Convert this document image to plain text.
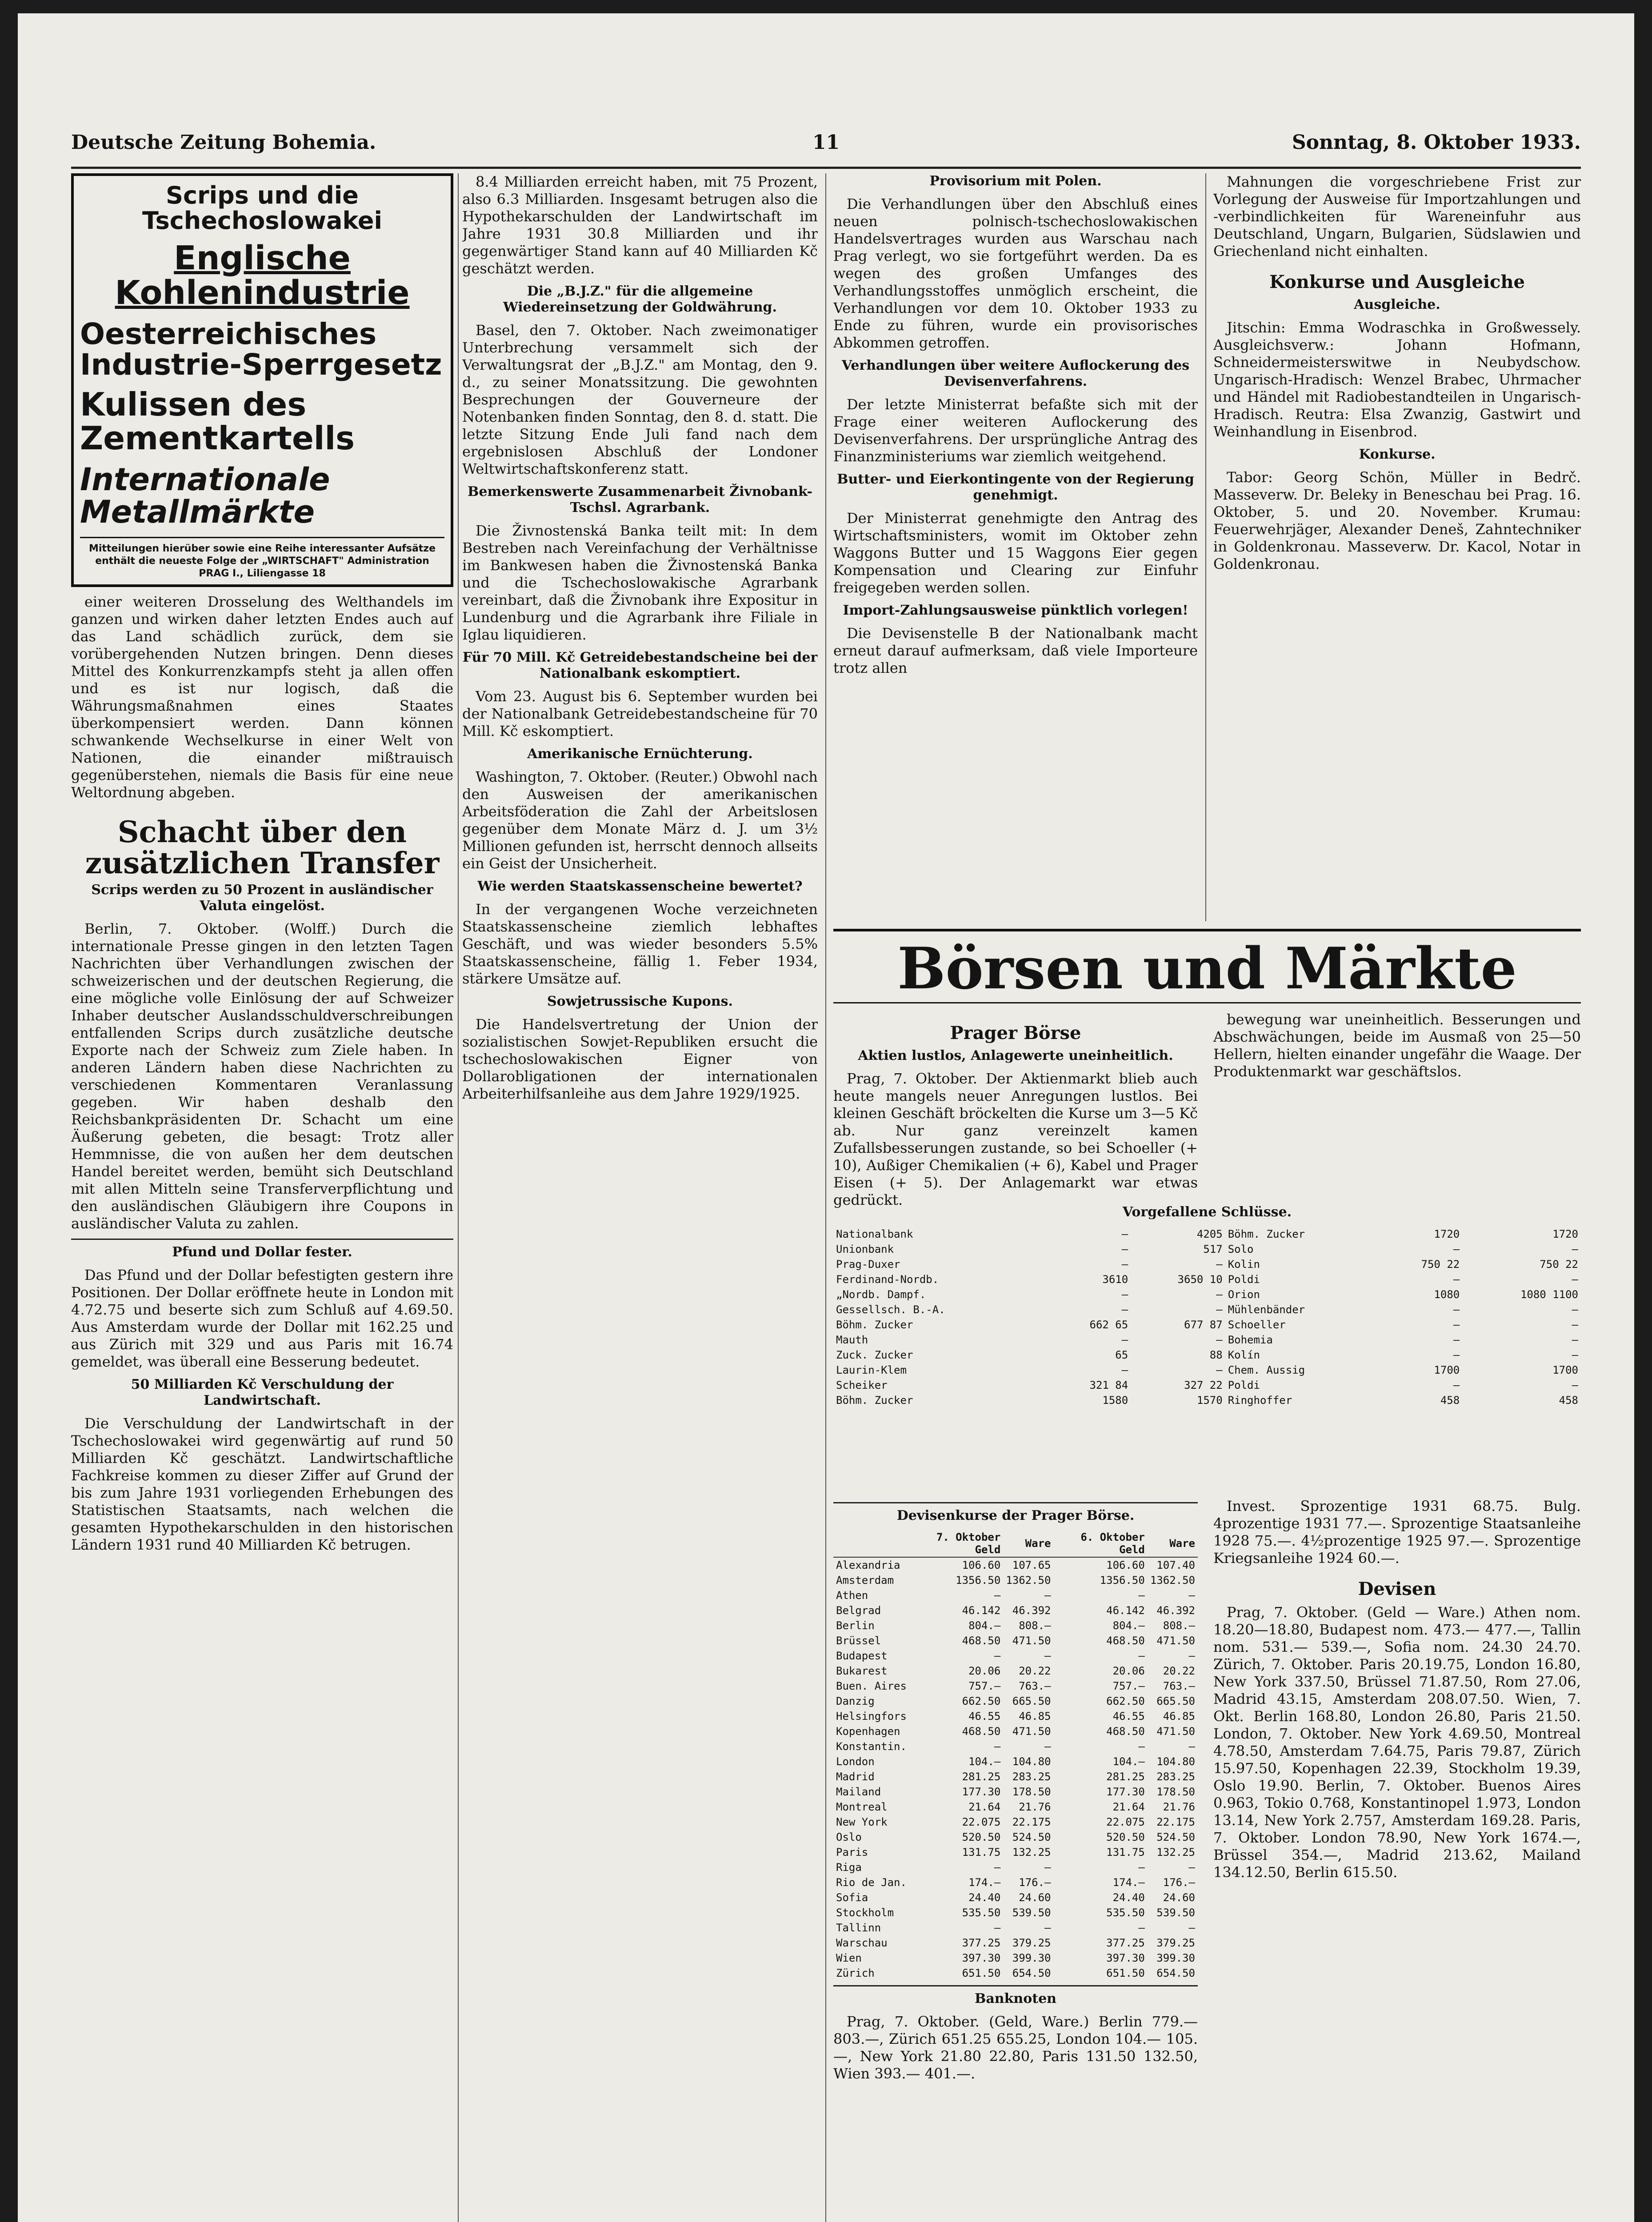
Deutsche Zeitung Bohemia.	11	Sonntag, 8. Oktober 1933.
Scrips und die Tschechoslowakei
Englische Kohlenindustrie
Oesterreichisches Industrie-Sperrgesetz
Kulissen des Zementkartells
Internationale Metallmärkte
Mitteilungen hierüber sowie eine Reihe interessanter Aufsätze enthält die neueste Folge der „WIRTSCHAFT" Administration PRAG I., Liliengasse 18

einer weiteren Drosselung des Welthandels im ganzen und wirken daher letzten Endes auch auf das Land schädlich zurück, dem sie vorübergehenden Nutzen bringen. Denn dieses Mittel des Konkurrenzkampfs steht ja allen offen und es ist nur logisch, daß die Währungsmaßnahmen eines Staates überkompensiert werden. Dann können schwankende Wechselkurse in einer Welt von Nationen, die einander mißtrauisch gegenüberstehen, niemals die Basis für eine neue Weltordnung abgeben.

Schacht über den zusätzlichen Transfer
Scrips werden zu 50 Prozent in ausländischer Valuta eingelöst.

Berlin, 7. Oktober. (Wolff.) Durch die internationale Presse gingen in den letzten Tagen Nachrichten über Verhandlungen zwischen der schweizerischen und der deutschen Regierung, die eine mögliche volle Einlösung der auf Schweizer Inhaber deutscher Auslandsschuldverschreibungen entfallenden Scrips durch zusätzliche deutsche Exporte nach der Schweiz zum Ziele haben. In anderen Ländern haben diese Nachrichten zu verschiedenen Kommentaren Veranlassung gegeben. Wir haben deshalb den Reichsbankpräsidenten Dr. Schacht um eine Äußerung gebeten, die besagt: Trotz aller Hemmnisse, die von außen her dem deutschen Handel bereitet werden, bemüht sich Deutschland mit allen Mitteln seine Transferverpflichtung und den ausländischen Gläubigern ihre Coupons in ausländischer Valuta zu zahlen.

Pfund und Dollar fester.

Das Pfund und der Dollar befestigten gestern ihre Positionen. Der Dollar eröffnete heute in London mit 4.72.75 und beserte sich zum Schluß auf 4.69.50. Aus Amsterdam wurde der Dollar mit 162.25 und aus Zürich mit 329 und aus Paris mit 16.74 gemeldet, was überall eine Besserung bedeutet.

50 Milliarden Kč Verschuldung der Landwirtschaft.

Die Verschuldung der Landwirtschaft in der Tschechoslowakei wird gegenwärtig auf rund 50 Milliarden Kč geschätzt. Landwirtschaftliche Fachkreise kommen zu dieser Ziffer auf Grund der bis zum Jahre 1931 vorliegenden Erhebungen des Statistischen Staatsamts, nach welchen die gesamten Hypothekarschulden in den historischen Ländern 1931 rund 40 Milliarden Kč betrugen.

8.4 Milliarden erreicht haben, mit 75 Prozent, also 6.3 Milliarden. Insgesamt betrugen also die Hypothekarschulden der Landwirtschaft im Jahre 1931 30.8 Milliarden und ihr gegenwärtiger Stand kann auf 40 Milliarden Kč geschätzt werden.

Die „B.J.Z." für die allgemeine Wiedereinsetzung der Goldwährung.

Basel, den 7. Oktober. Nach zweimonatiger Unterbrechung versammelt sich der Verwaltungsrat der „B.J.Z." am Montag, den 9. d., zu seiner Monatssitzung. Die gewohnten Besprechungen der Gouverneure der Notenbanken finden Sonntag, den 8. d. statt. Die letzte Sitzung Ende Juli fand nach dem ergebnislosen Abschluß der Londoner Weltwirtschaftskonferenz statt.

Bemerkenswerte Zusammenarbeit Živnobank-Tschsl. Agrarbank.

Die Živnostenská Banka teilt mit: In dem Bestreben nach Vereinfachung der Verhältnisse im Bankwesen haben die Živnostenská Banka und die Tschechoslowakische Agrarbank vereinbart, daß die Živnobank ihre Expositur in Lundenburg und die Agrarbank ihre Filiale in Iglau liquidieren.

Für 70 Mill. Kč Getreidebestandscheine bei der Nationalbank eskomptiert.

Vom 23. August bis 6. September wurden bei der Nationalbank Getreidebestandscheine für 70 Mill. Kč eskomptiert.

Amerikanische Ernüchterung.

Washington, 7. Oktober. (Reuter.) Obwohl nach den Ausweisen der amerikanischen Arbeitsföderation die Zahl der Arbeitslosen gegenüber dem Monate März d. J. um 3½ Millionen gefunden ist, herrscht dennoch allseits ein Geist der Unsicherheit.

Wie werden Staatskassenscheine bewertet?

In der vergangenen Woche verzeichneten Staatskassenscheine ziemlich lebhaftes Geschäft, und was wieder besonders 5.5% Staatskassenscheine, fällig 1. Feber 1934, stärkere Umsätze auf.

Sowjetrussische Kupons.

Die Handelsvertretung der Union der sozialistischen Sowjet-Republiken ersucht die tschechoslowakischen Eigner von Dollarobligationen der internationalen Arbeiterhilfsanleihe aus dem Jahre 1929/1925.

Provisorium mit Polen.

Die Verhandlungen über den Abschluß eines neuen polnisch-tschechoslowakischen Handelsvertrages wurden aus Warschau nach Prag verlegt, wo sie fortgeführt werden. Da es wegen des großen Umfanges des Verhandlungsstoffes unmöglich erscheint, die Verhandlungen vor dem 10. Oktober 1933 zu Ende zu führen, wurde ein provisorisches Abkommen getroffen.

Verhandlungen über weitere Auflockerung des Devisenverfahrens.

Der letzte Ministerrat befaßte sich mit der Frage einer weiteren Auflockerung des Devisenverfahrens. Der ursprüngliche Antrag des Finanzministeriums war ziemlich weitgehend.

Butter- und Eierkontingente von der Regierung genehmigt.

Der Ministerrat genehmigte den Antrag des Wirtschaftsministers, womit im Oktober zehn Waggons Butter und 15 Waggons Eier gegen Kompensation und Clearing zur Einfuhr freigegeben werden sollen.

Import-Zahlungsausweise pünktlich vorlegen!

Die Devisenstelle B der Nationalbank macht erneut darauf aufmerksam, daß viele Importeure trotz allen

Mahnungen die vorgeschriebene Frist zur Vorlegung der Ausweise für Importzahlungen und -verbindlichkeiten für Wareneinfuhr aus Deutschland, Ungarn, Bulgarien, Südslawien und Griechenland nicht einhalten.

Konkurse und Ausgleiche
Ausgleiche.

Jitschin: Emma Wodraschka in Großwessely. Ausgleichsverw.: Johann Hofmann, Schneidermeisterswitwe in Neubydschow. Ungarisch-Hradisch: Wenzel Brabec, Uhrmacher und Händel mit Radiobestandteilen in Ungarisch-Hradisch. Reutra: Elsa Zwanzig, Gastwirt und Weinhandlung in Eisenbrod.

Konkurse.

Tabor: Georg Schön, Müller in Bedrč. Masseverw. Dr. Beleky in Beneschau bei Prag. 16. Oktober, 5. und 20. November. Krumau: Feuerwehrjäger, Alexander Deneš, Zahntechniker in Goldenkronau. Masseverw. Dr. Kacol, Notar in Goldenkronau.

Börsen und Märkte
Prager Börse
Aktien lustlos, Anlagewerte uneinheitlich.

Prag, 7. Oktober. Der Aktienmarkt blieb auch heute mangels neuer Anregungen lustlos. Bei kleinen Geschäft bröckelten die Kurse um 3—5 Kč ab. Nur ganz vereinzelt kamen Zufallsbesserungen zustande, so bei Schoeller (+ 10), Außiger Chemikalien (+ 6), Kabel und Prager Eisen (+ 5). Der Anlagemarkt war etwas gedrückt.

bewegung war uneinheitlich. Besserungen und Abschwächungen, beide im Ausmaß von 25—50 Hellern, hielten einander ungefähr die Waage. Der Produktenmarkt war geschäftslos.

Vorgefallene Schlüsse.
Nationalbank	—	4205	Böhm. Zucker	1720	1720
Unionbank	—	517	Solo	—	—
Prag-Duxer	—	—	Kolin	750 22	750 22
Ferdinand-Nordb.	3610	3650 10	Poldi	—	—
„Nordb. Dampf.	—	—	Orion	1080	1080 1100
Gessellsch. B.-A.	—	—	Mühlenbänder	—	—
Böhm. Zucker	662 65	677 87	Schoeller	—	—
Mauth	—	—	Bohemia	—	—
Zuck. Zucker	65	88	Kolín	—	—
Laurin-Klem	—	—	Chem. Aussig	1700	1700
Scheiker	321 84	327 22	Poldi	—	—
Böhm. Zucker	1580	1570	Ringhoffer	458	458
Devisenkurse der Prager Börse.
	7. Oktober Geld	Ware	6. Oktober Geld	Ware
Alexandria	106.60	107.65	106.60	107.40
Amsterdam	1356.50	1362.50	1356.50	1362.50
Athen	—	—	—	—
Belgrad	46.142	46.392	46.142	46.392
Berlin	804.—	808.—	804.—	808.—
Brüssel	468.50	471.50	468.50	471.50
Budapest	—	—	—	—
Bukarest	20.06	20.22	20.06	20.22
Buen. Aires	757.—	763.—	757.—	763.—
Danzig	662.50	665.50	662.50	665.50
Helsingfors	46.55	46.85	46.55	46.85
Kopenhagen	468.50	471.50	468.50	471.50
Konstantin.	—	—	—	—
London	104.—	104.80	104.—	104.80
Madrid	281.25	283.25	281.25	283.25
Mailand	177.30	178.50	177.30	178.50
Montreal	21.64	21.76	21.64	21.76
New York	22.075	22.175	22.075	22.175
Oslo	520.50	524.50	520.50	524.50
Paris	131.75	132.25	131.75	132.25
Riga	—	—	—	—
Rio de Jan.	174.—	176.—	174.—	176.—
Sofia	24.40	24.60	24.40	24.60
Stockholm	535.50	539.50	535.50	539.50
Tallinn	—	—	—	—
Warschau	377.25	379.25	377.25	379.25
Wien	397.30	399.30	397.30	399.30
Zürich	651.50	654.50	651.50	654.50
Banknoten

Prag, 7. Oktober. (Geld, Ware.) Berlin 779.— 803.—, Zürich 651.25 655.25, London 104.— 105.—, New York 21.80 22.80, Paris 131.50 132.50, Wien 393.— 401.—.

Invest. Sprozentige 1931 68.75. Bulg. 4prozentige 1931 77.—. Sprozentige Staatsanleihe 1928 75.—. 4½prozentige 1925 97.—. Sprozentige Kriegsanleihe 1924 60.—.

Devisen

Prag, 7. Oktober. (Geld — Ware.) Athen nom. 18.20—18.80, Budapest nom. 473.— 477.—, Tallin nom. 531.— 539.—, Sofia nom. 24.30 24.70. Zürich, 7. Oktober. Paris 20.19.75, London 16.80, New York 337.50, Brüssel 71.87.50, Rom 27.06, Madrid 43.15, Amsterdam 208.07.50. Wien, 7. Okt. Berlin 168.80, London 26.80, Paris 21.50. London, 7. Oktober. New York 4.69.50, Montreal 4.78.50, Amsterdam 7.64.75, Paris 79.87, Zürich 15.97.50, Kopenhagen 22.39, Stockholm 19.39, Oslo 19.90. Berlin, 7. Oktober. Buenos Aires 0.963, Tokio 0.768, Konstantinopel 1.973, London 13.14, New York 2.757, Amsterdam 169.28. Paris, 7. Oktober. London 78.90, New York 1674.—, Brüssel 354.—, Madrid 213.62, Mailand 134.12.50, Berlin 615.50.
